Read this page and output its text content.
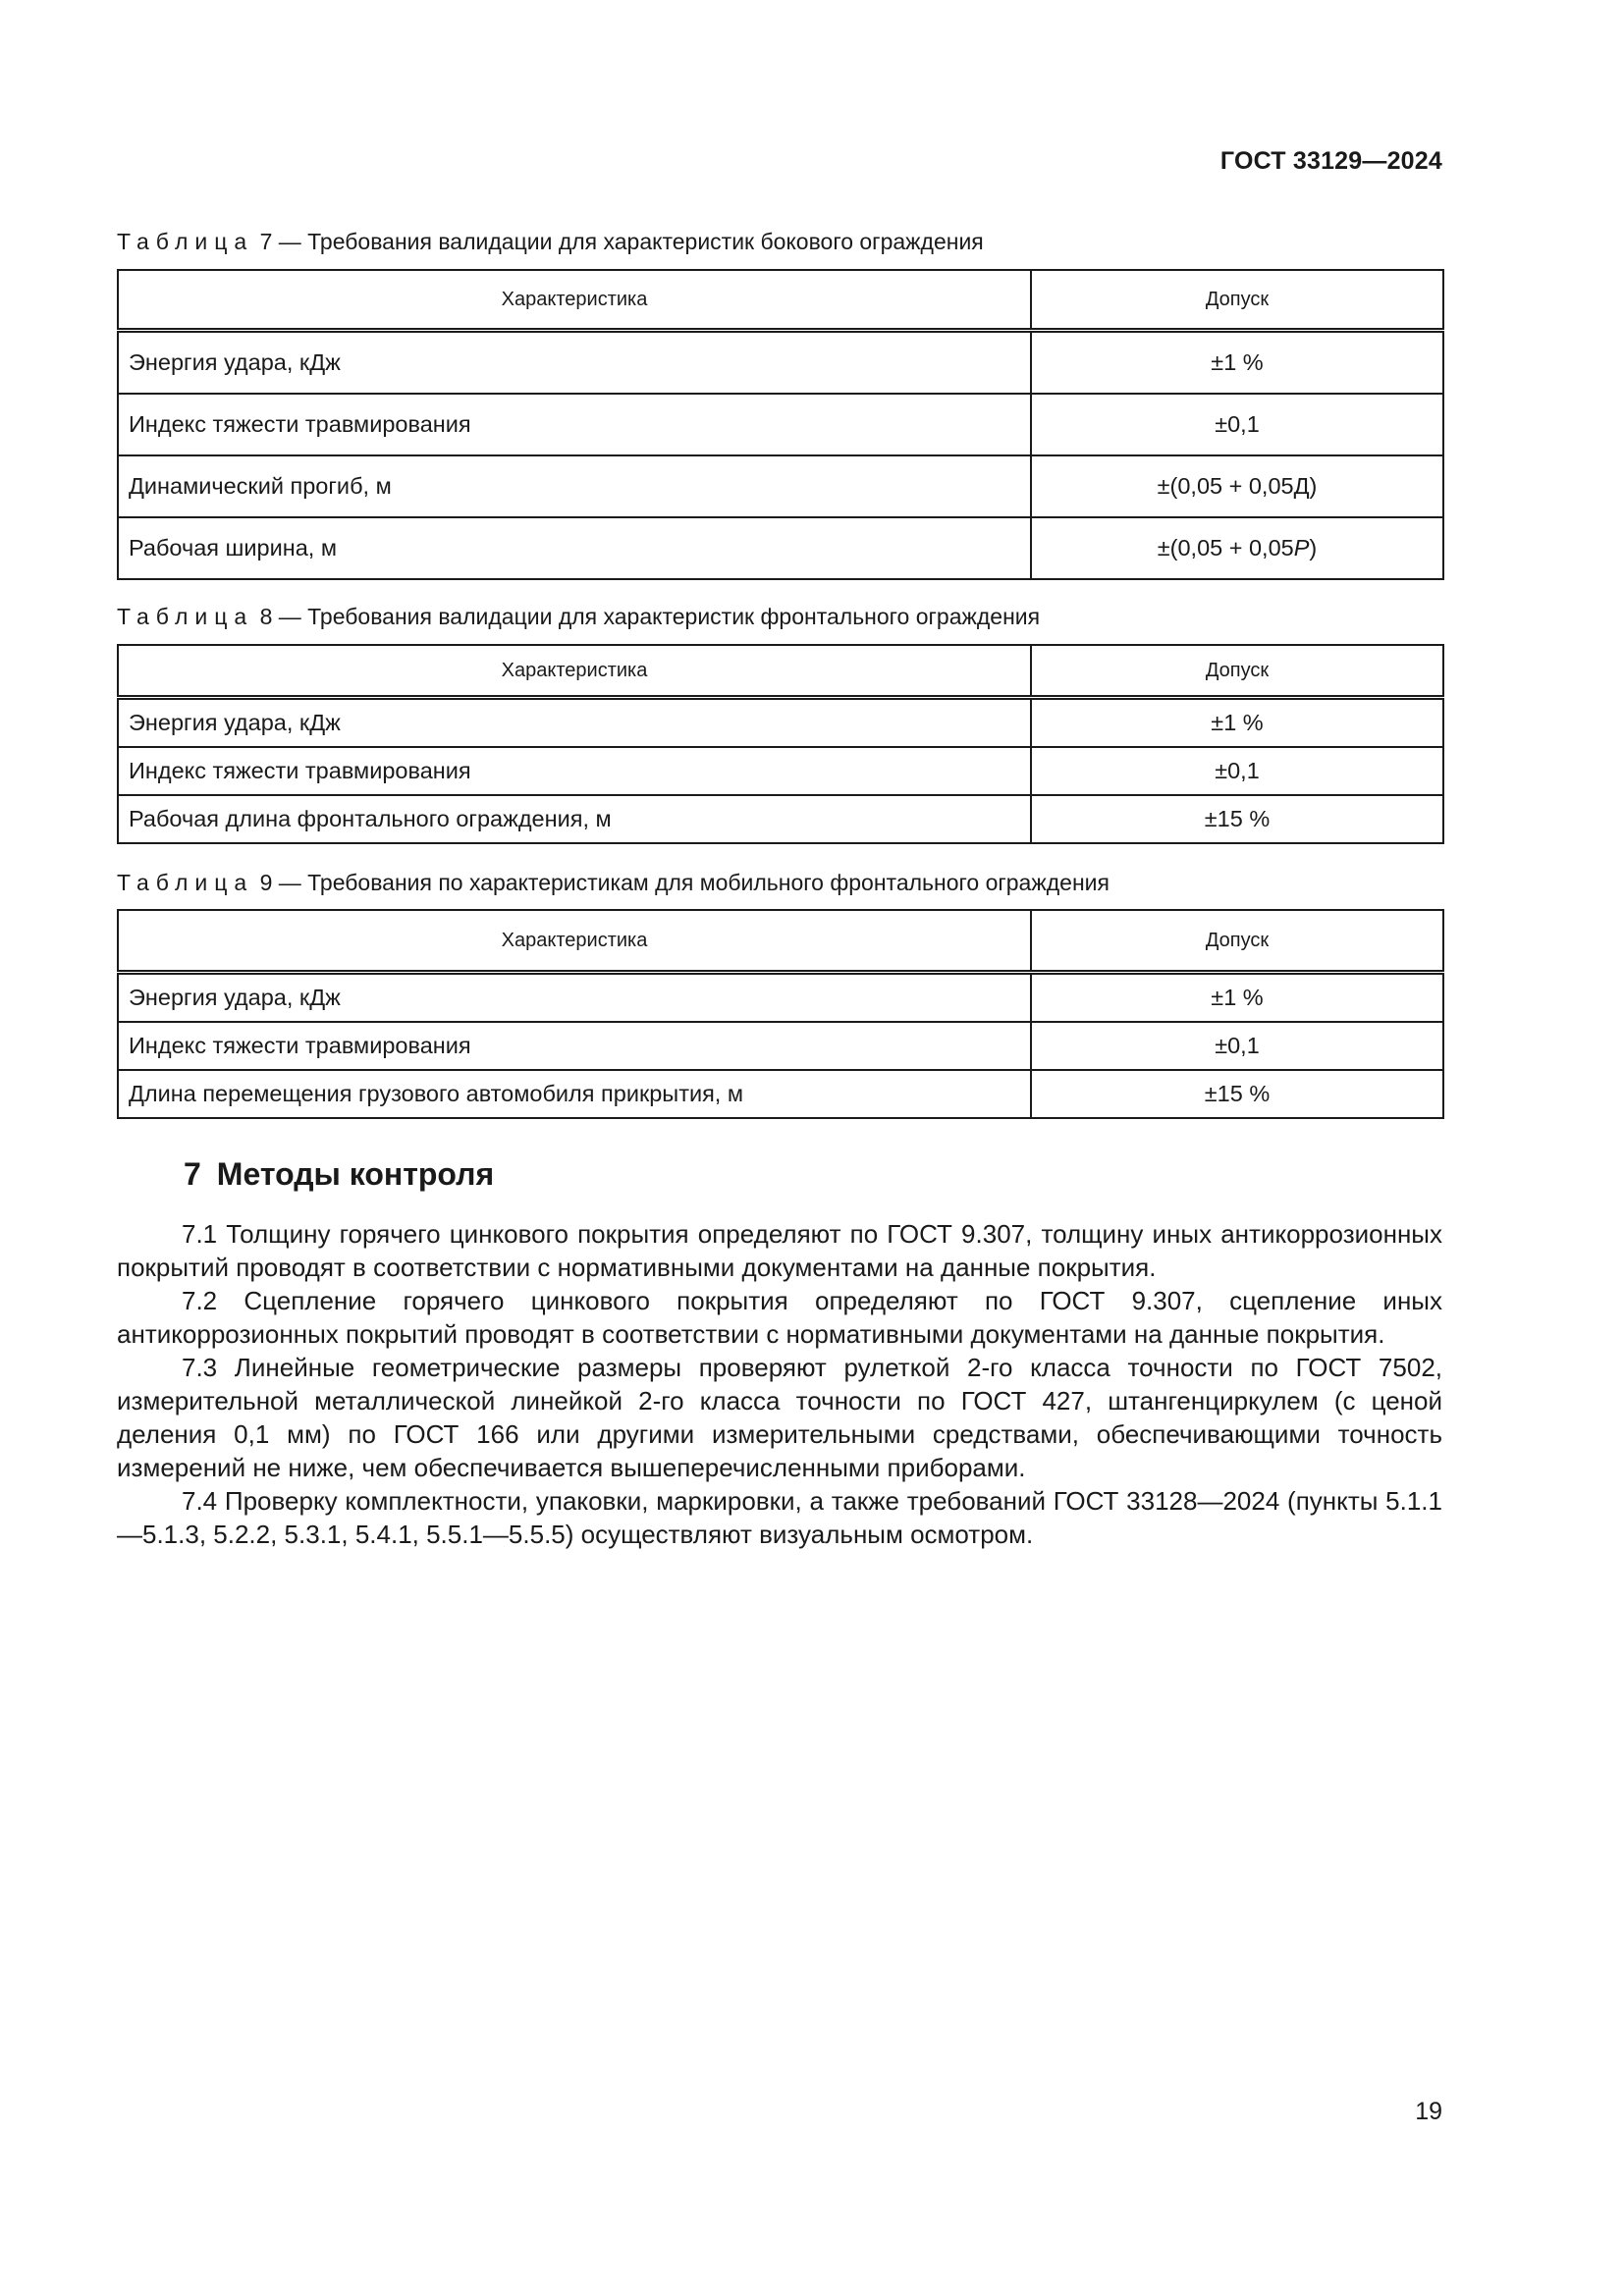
ГОСТ 33129—2024
Таблица 7 — Требования валидации для характеристик бокового ограждения
Характеристика	Допуск
Энергия удара, кДж	±1 %
Индекс тяжести травмирования	±0,1
Динамический прогиб, м	±(0,05 + 0,05Д)
Рабочая ширина, м	±(0,05 + 0,05P)
Таблица 8 — Требования валидации для характеристик фронтального ограждения
Характеристика	Допуск
Энергия удара, кДж	±1 %
Индекс тяжести травмирования	±0,1
Рабочая длина фронтального ограждения, м	±15 %
Таблица 9 — Требования по характеристикам для мобильного фронтального ограждения
Характеристика	Допуск
Энергия удара, кДж	±1 %
Индекс тяжести травмирования	±0,1
Длина перемещения грузового автомобиля прикрытия, м	±15 %
7 Методы контроля

7.1 Толщину горячего цинкового покрытия определяют по ГОСТ 9.307, толщину иных антикоррозионных покрытий проводят в соответствии с нормативными документами на данные покрытия.

7.2 Сцепление горячего цинкового покрытия определяют по ГОСТ 9.307, сцепление иных антикоррозионных покрытий проводят в соответствии с нормативными документами на данные покрытия.

7.3 Линейные геометрические размеры проверяют рулеткой 2-го класса точности по ГОСТ 7502, измерительной металлической линейкой 2-го класса точности по ГОСТ 427, штангенциркулем (с ценой деления 0,1 мм) по ГОСТ 166 или другими измерительными средствами, обеспечивающими точность измерений не ниже, чем обеспечивается вышеперечисленными приборами.

7.4 Проверку комплектности, упаковки, маркировки, а также требований ГОСТ 33128—2024 (пункты 5.1.1—5.1.3, 5.2.2, 5.3.1, 5.4.1, 5.5.1—5.5.5) осуществляют визуальным осмотром.

19
